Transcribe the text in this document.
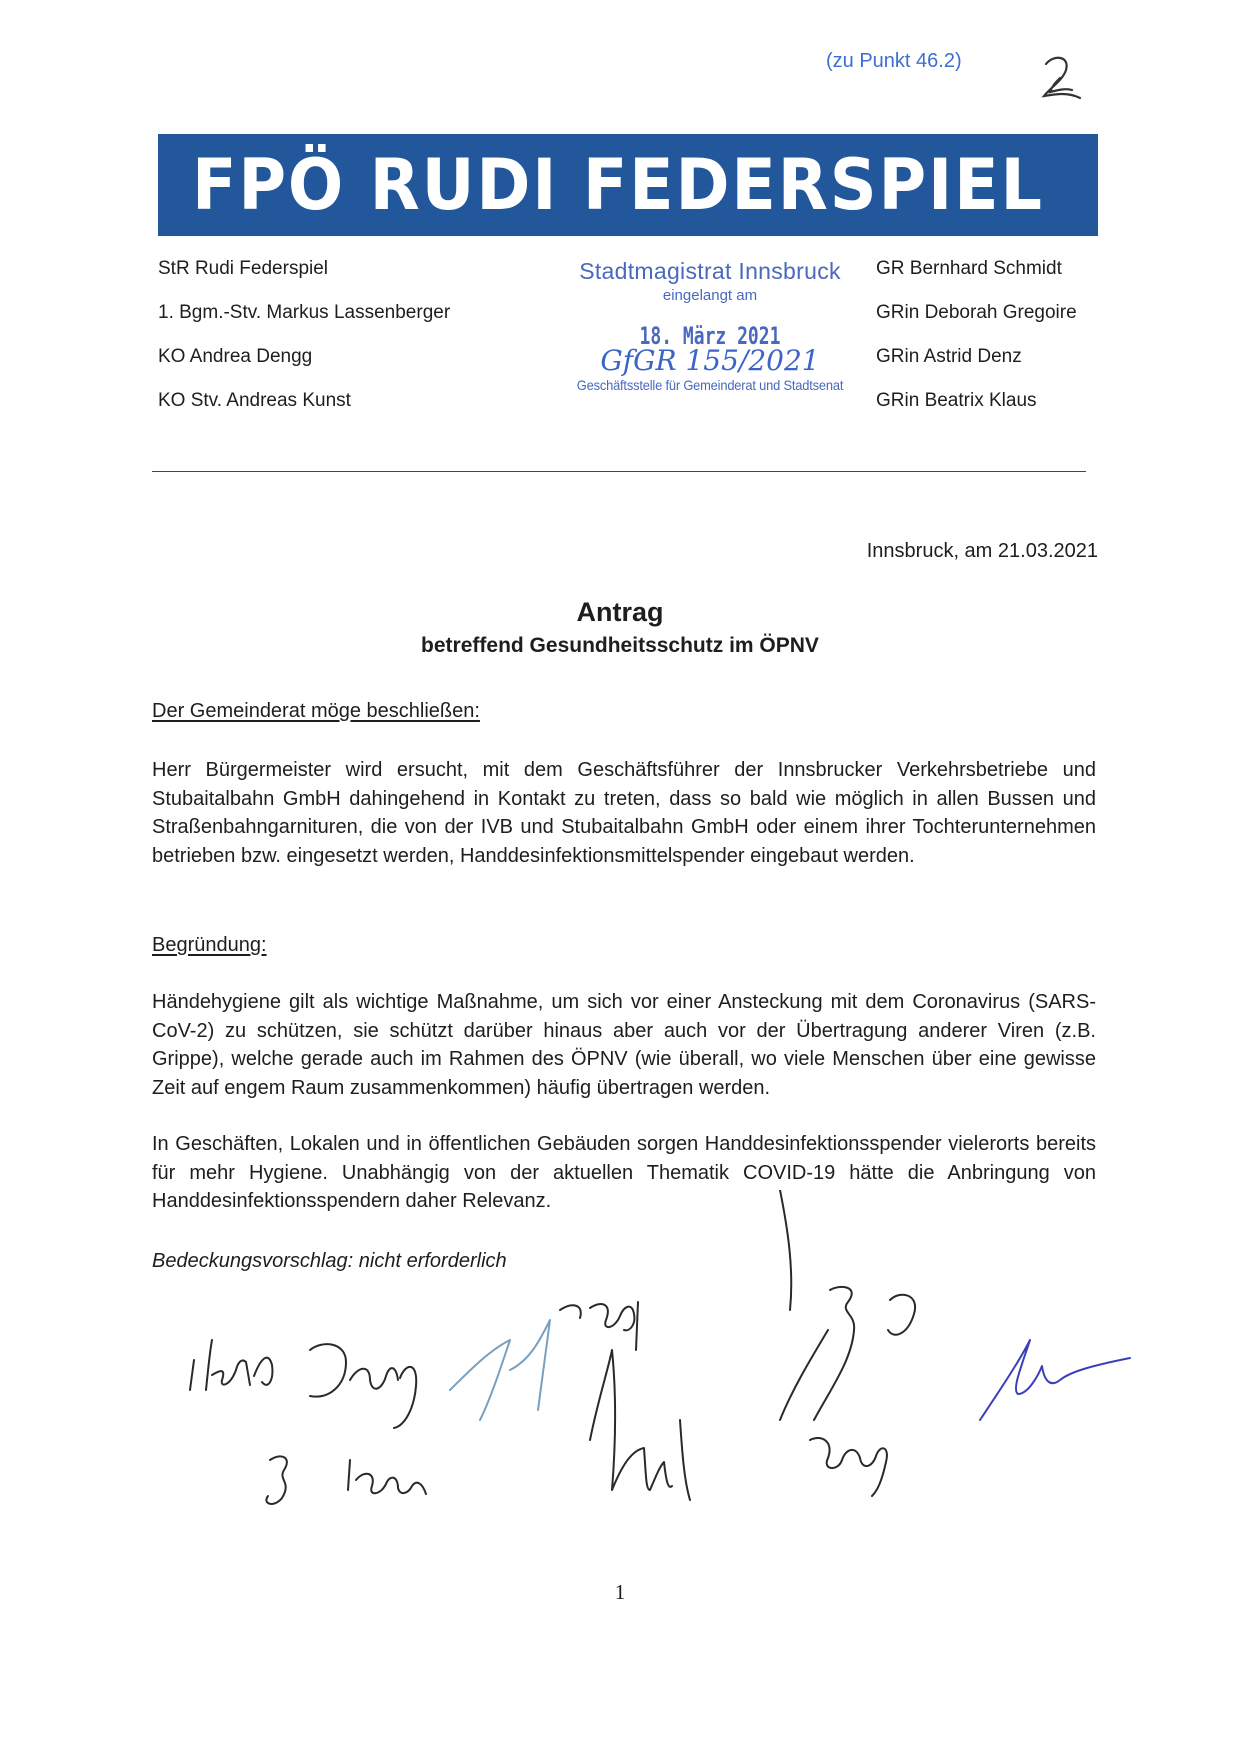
(zu Punkt 46.2)
FPÖ RUDI FEDERSPIEL
StR Rudi Federspiel
1. Bgm.-Stv. Markus Lassenberger
KO Andrea Dengg
KO Stv. Andreas Kunst
GR Bernhard Schmidt
GRin Deborah Gregoire
GRin Astrid Denz
GRin Beatrix Klaus
Stadtmagistrat Innsbruck
eingelangt am
18. März 2021
GfGR 155/2021
Geschäftsstelle für Gemeinderat und Stadtsenat
Innsbruck, am 21.03.2021
Antrag
betreffend Gesundheitsschutz im ÖPNV
Der Gemeinderat möge beschließen:

Herr Bürgermeister wird ersucht, mit dem Geschäftsführer der Innsbrucker Verkehrsbetriebe und Stubaitalbahn GmbH dahingehend in Kontakt zu treten, dass so bald wie möglich in allen Bussen und Straßenbahngarnituren, die von der IVB und Stubaitalbahn GmbH oder einem ihrer Tochterunternehmen betrieben bzw. eingesetzt werden, Handdesinfektionsmittelspender eingebaut werden.

Begründung:

Händehygiene gilt als wichtige Maßnahme, um sich vor einer Ansteckung mit dem Coronavirus (SARS-CoV-2) zu schützen, sie schützt darüber hinaus aber auch vor der Übertragung anderer Viren (z.B. Grippe), welche gerade auch im Rahmen des ÖPNV (wie überall, wo viele Menschen über eine gewisse Zeit auf engem Raum zusammenkommen) häufig übertragen werden.

In Geschäften, Lokalen und in öffentlichen Gebäuden sorgen Handdesinfektionsspender vielerorts bereits für mehr Hygiene. Unabhängig von der aktuellen Thematik COVID-19 hätte die Anbringung von Handdesinfektionsspendern daher Relevanz.

Bedeckungsvorschlag: nicht erforderlich
1
